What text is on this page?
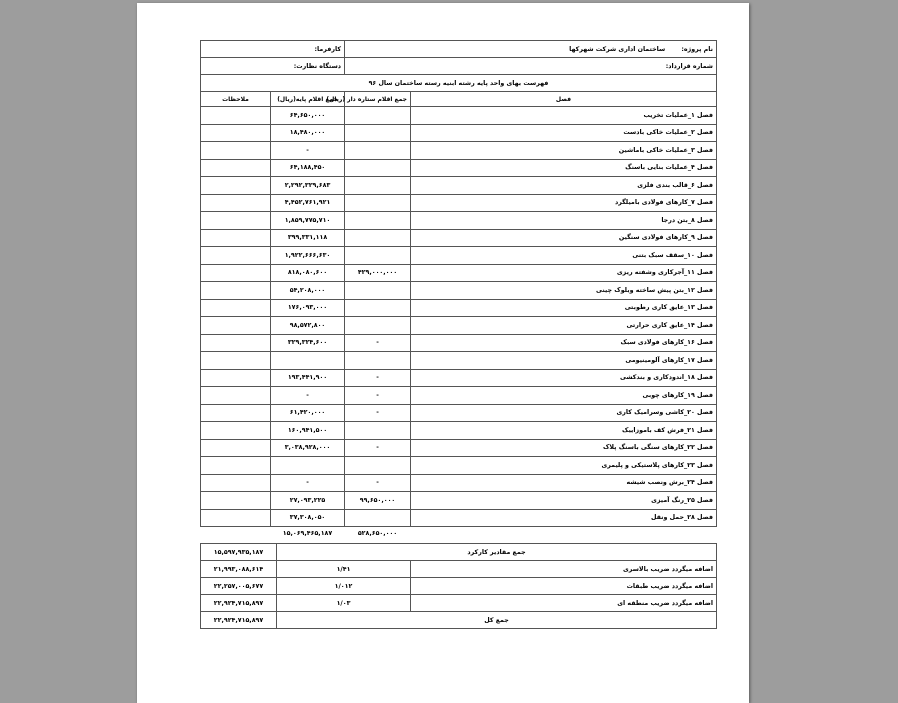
نام پروژه: ساختمان اداری شرکت شهرکها		کارفرما:	
شماره قرارداد:		دستگاه نظارت:	
فهرست بهای واحد پایه رشته ابنیه رسته ساختمان سال ۹۶			
فصل	جمع اقلام ستاره دار (ریال)	جمع اقلام پایه(ریال)	ملاحظات
فصل ۱_عملیات تخریب		۶۴,۶۵۰,۰۰۰	
فصل ۲_عملیات خاکی بادست		۱۸,۴۸۰,۰۰۰	
فصل ۳_عملیات خاکی باماشین		-	
فصل ۴_عملیات بنایی باسنگ		۶۴,۱۸۸,۴۵۰	
فصل ۶_قالب بندی فلزی		۲,۲۹۲,۳۲۹,۶۸۳	
فصل ۷_کارهای فولادی بامیلگرد		۴,۴۵۲,۷۶۱,۹۲۱	
فصل ۸_بتن درجا		۱,۸۵۹,۷۷۵,۷۱۰	
فصل ۹_کارهای فولادی سنگین		۳۹۹,۳۳۱,۱۱۸	
فصل ۱۰_سقف سبک بتنی		۱,۹۲۲,۶۶۶,۶۳۰	
فصل ۱۱_آجرکاری وشفته ریزی	۴۲۹,۰۰۰,۰۰۰	۸۱۸,۰۸۰,۶۰۰	
فصل ۱۲_بتن پیش ساخته وبلوک چینی		۵۴,۲۰۸,۰۰۰	
فصل ۱۳_عایق کاری رطوبتی		۱۷۶,۰۹۳,۰۰۰	
فصل ۱۴_عایق کاری حرارتی		۹۸,۵۷۲,۸۰۰	
فصل ۱۶_کارهای فولادی سبک	-	۳۲۹,۳۲۴,۶۰۰	
فصل ۱۷_کارهای آلومینیومی			
فصل ۱۸_اندودکاری و بندکشی	-	۱۹۳,۴۴۱,۹۰۰	
فصل ۱۹_کارهای چوبی	-	-	
فصل ۲۰_کاشی وسرامیک کاری	-	۶۱,۴۲۰,۰۰۰	
فصل ۲۱_فرش کف باموزاییک		۱۶۰,۹۴۱,۵۰۰	
فصل ۲۲_کارهای سنگی باسنگ پلاک	-	۳,۰۳۸,۹۲۸,۰۰۰	
فصل ۲۳_کارهای پلاستیکی و پلیمری			
فصل ۲۴_برش ونصب شیشه	-	-	
فصل ۲۵_رنگ آمیزی	۹۹,۶۵۰,۰۰۰	۲۷,۰۹۳,۲۲۵	
فصل ۲۸_حمل ونقل		۳۷,۳۰۸,۰۵۰	
	۵۲۸,۶۵۰,۰۰۰	۱۵,۰۶۹,۴۶۵,۱۸۷	
جمع مقادیر کارکرد		۱۵,۵۹۷,۹۳۵,۱۸۷
اضافه میگردد ضریب بالاسری	۱/۴۱	۲۱,۹۹۳,۰۸۸,۶۱۴
اضافه میگردد ضریب طبقات	۱/۰۱۲	۲۲,۲۵۷,۰۰۵,۶۷۷
اضافه میگردد ضریب منطقه ای	۱/۰۳	۲۲,۹۲۴,۷۱۵,۸۹۷
جمع کل		۲۲,۹۲۴,۷۱۵,۸۹۷
